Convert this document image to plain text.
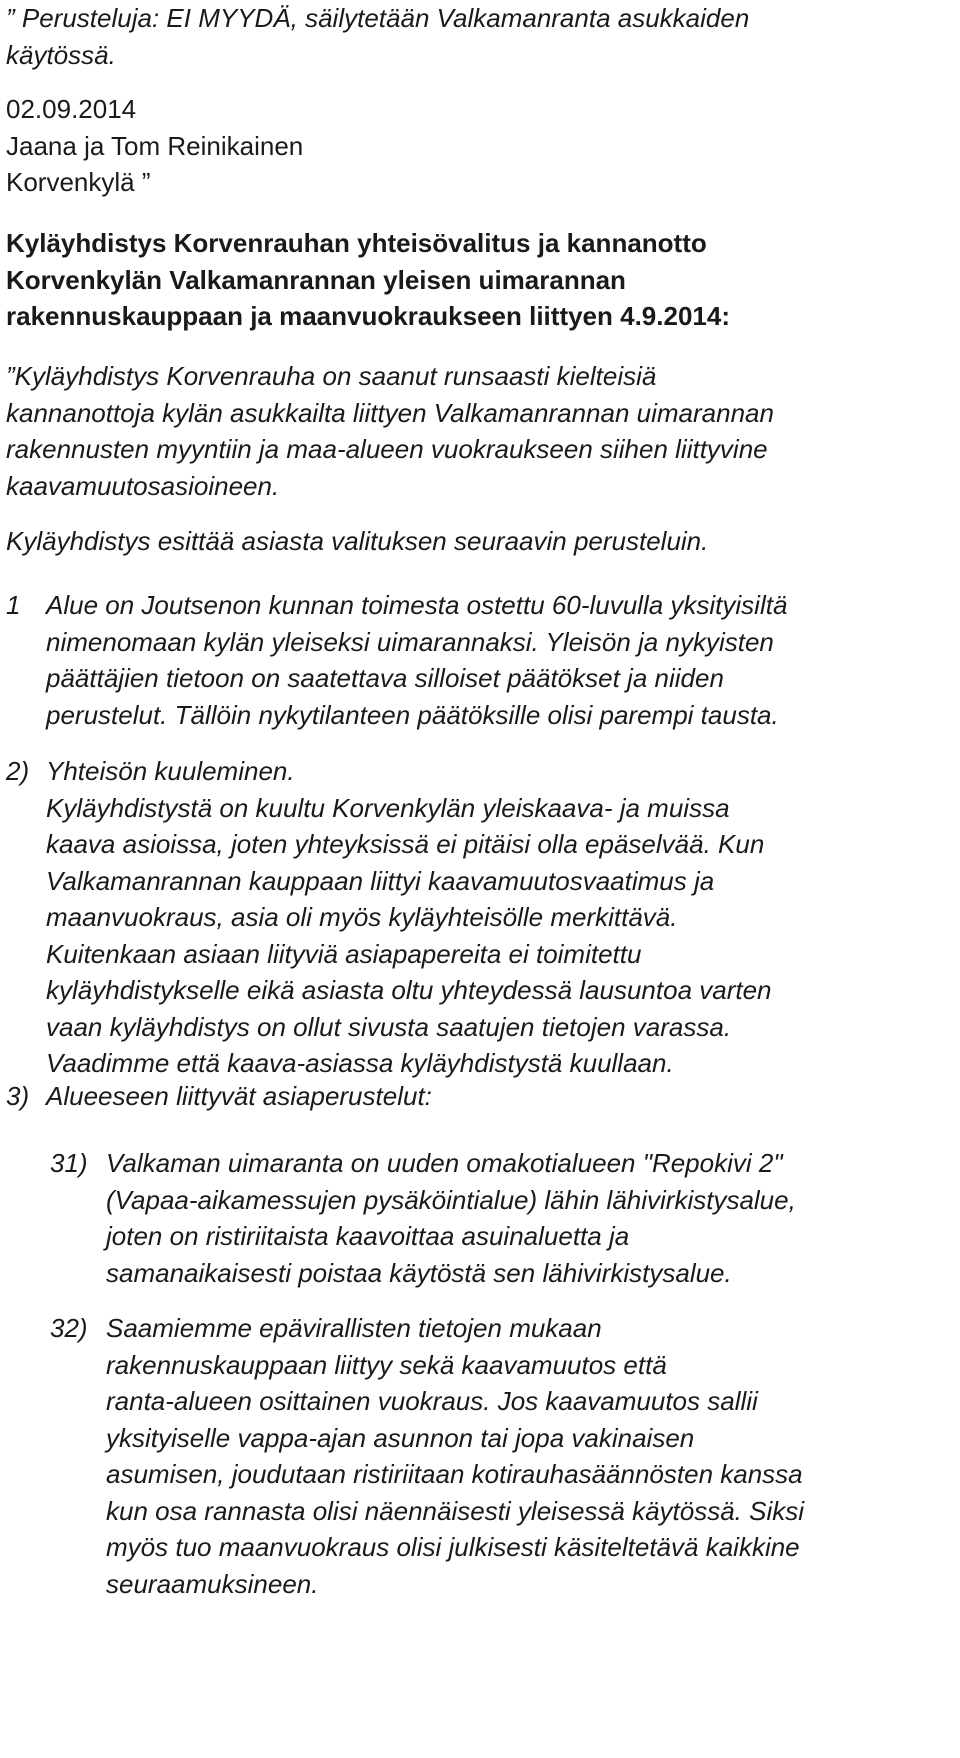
” Perusteluja: EI MYYDÄ, säilytetään Valkamanranta asukkaiden
käytössä.
02.09.2014
Jaana ja Tom Reinikainen
Korvenkylä ”
Kyläyhdistys Korvenrauhan yhteisövalitus ja kannanotto
Korvenkylän Valkamanrannan yleisen uimarannan
rakennuskauppaan ja maanvuokraukseen liittyen 4.9.2014:
”Kyläyhdistys Korvenrauha on saanut runsaasti kielteisiä
kannanottoja kylän asukkailta liittyen Valkamanrannan uimarannan
rakennusten myyntiin ja maa-alueen vuokraukseen siihen liittyvine
kaavamuutosasioineen.
Kyläyhdistys esittää asiasta valituksen seuraavin perusteluin.
1 Alue on Joutsenon kunnan toimesta ostettu 60-luvulla yksityisiltä
nimenomaan kylän yleiseksi uimarannaksi. Yleisön ja nykyisten
päättäjien tietoon on saatettava silloiset päätökset ja niiden
perustelut. Tällöin nykytilanteen päätöksille olisi parempi tausta.
2) Yhteisön kuuleminen.
Kyläyhdistystä on kuultu Korvenkylän yleiskaava- ja muissa
kaava asioissa, joten yhteyksissä ei pitäisi olla epäselvää. Kun
Valkamanrannan kauppaan liittyi kaavamuutosvaatimus ja
maanvuokraus, asia oli myös kyläyhteisölle merkittävä.
Kuitenkaan asiaan liityviä asiapapereita ei toimitettu
kyläyhdistykselle eikä asiasta oltu yhteydessä lausuntoa varten
vaan kyläyhdistys on ollut sivusta saatujen tietojen varassa.
Vaadimme että kaava-asiassa kyläyhdistystä kuullaan.
3) Alueeseen liittyvät asiaperustelut:
31) Valkaman uimaranta on uuden omakotialueen "Repokivi 2"
(Vapaa-aikamessujen pysäköintialue) lähin lähivirkistysalue,
joten on ristiriitaista kaavoittaa asuinaluetta ja
samanaikaisesti poistaa käytöstä sen lähivirkistysalue.
32) Saamiemme epävirallisten tietojen mukaan
rakennuskauppaan liittyy sekä kaavamuutos että
ranta-alueen osittainen vuokraus. Jos kaavamuutos sallii
yksityiselle vappa-ajan asunnon tai jopa vakinaisen
asumisen, joudutaan ristiriitaan kotirauhasäännösten kanssa
kun osa rannasta olisi näennäisesti yleisessä käytössä. Siksi
myös tuo maanvuokraus olisi julkisesti käsiteltetävä kaikkine
seuraamuksineen.
